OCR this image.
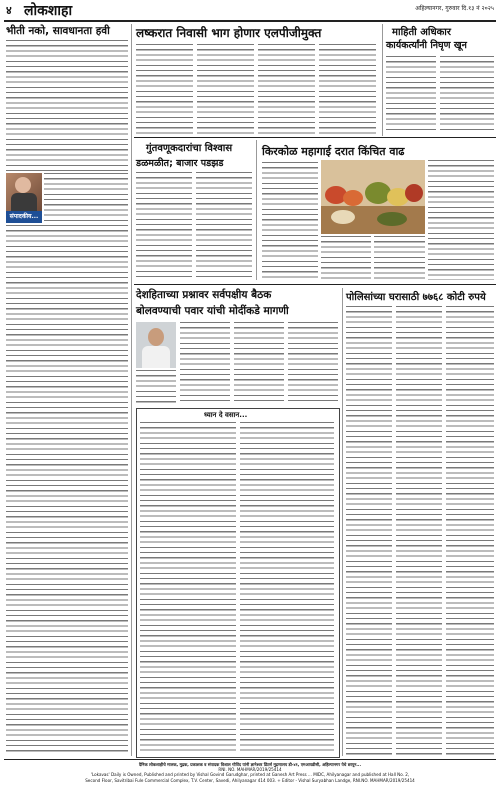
४ लोकशाहा	अहिल्यानगर, गुरुवार दि.१३ नं २०२५
भीती नको, सावधानता हवी
संपादकीय...
लष्करात निवासी भाग होणार एलपीजीमुक्त	माहिती अधिकार
कार्यकर्त्यांनी निघृण खून
गुंतवणूकदारांचा विश्वास
डळमळीत; बाजार पडझड
किरकोळ महागाई दरात किंचित वाढ
देशहिताच्या प्रश्नावर सर्वपक्षीय बैठक
बोलवण्याची पवार यांची मोदींकडे मागणी
ध्यान दे वसान...
पोलिसांच्या घरासाठी ७७६८ कोटी रुपये
दैनिक लोकशाहीचे मालक, मुद्रक, प्रकाशक व संपादक विशाल गोविंद यांनी ज्ञानेश्वर प्रिंटर्स मुद्रणालय डी-४१, एमआयडीसी, अहिल्यानगर येथे छापून...
RNI. NO. MAHMAR/2019/25414
'Lokavas' Daily is Owned, Published and printed by Vishal Govind Garudghar, printed at Ganesh Art Press ... MIDC, Ahilyanagar and published at Hall No. 2,
Second Floor, Savitribai Fule Commercial Complex, T.V. Center, Savedi, Ahilyanagar 414 003. + Editor - Vishal Suryabhan Landge, RNI.NO. MAHMAR/2019/25414
